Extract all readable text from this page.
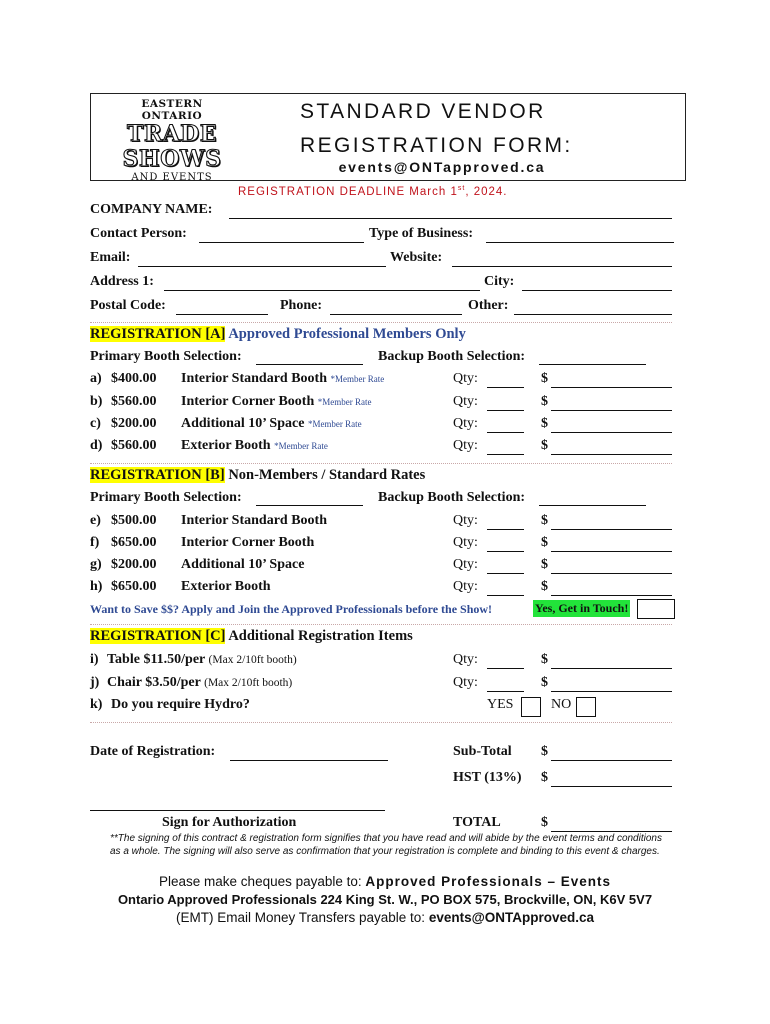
EASTERN ONTARIO
TRADE
SHOWS
AND EVENTS
STANDARD VENDOR
REGISTRATION FORM:
events@ONTapproved.ca
REGISTRATION DEADLINE March 1st, 2024.
COMPANY NAME:
Contact Person:	Type of Business:
Email:	Website:
Address 1:	City:
Postal Code:	Phone:	Other:
REGISTRATION [A] Approved Professional Members Only
Primary Booth Selection:	Backup Booth Selection:
a) $400.00 Interior Standard Booth *Member Rate	Qty:	$
b) $560.00 Interior Corner Booth *Member Rate	Qty:	$
c) $200.00 Additional 10’ Space *Member Rate	Qty:	$
d) $560.00 Exterior Booth *Member Rate	Qty:	$
REGISTRATION [B] Non-Members / Standard Rates
Primary Booth Selection:	Backup Booth Selection:
e) $500.00 Interior Standard Booth	Qty:	$
f) $650.00 Interior Corner Booth	Qty:	$
g) $200.00 Additional 10’ Space	Qty:	$
h) $650.00 Exterior Booth	Qty:	$
Want to Save $$? Apply and Join the Approved Professionals before the Show!	Yes, Get in Touch!
REGISTRATION [C] Additional Registration Items
i) Table $11.50/per (Max 2/10ft booth)	Qty:	$
j) Chair $3.50/per (Max 2/10ft booth)	Qty:	$
k) Do you require Hydro?	YES	NO
Date of Registration:	Sub-Total $
HST (13%) $
Sign for Authorization	TOTAL	$
**The signing of this contract & registration form signifies that you have read and will abide by the event terms and conditions as a whole. The signing will also serve as confirmation that your registration is complete and binding to this event & charges.
Please make cheques payable to: Approved Professionals – Events
Ontario Approved Professionals 224 King St. W., PO BOX 575, Brockville, ON, K6V 5V7
(EMT) Email Money Transfers payable to: events@ONTApproved.ca
